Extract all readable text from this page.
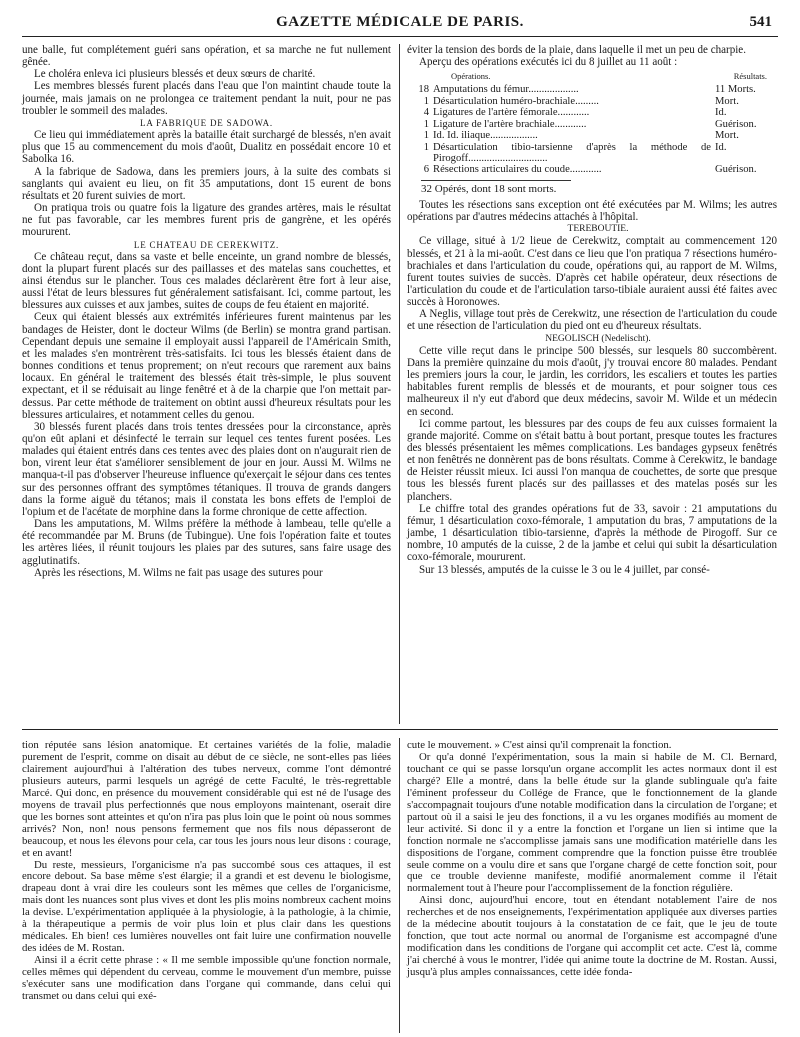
GAZETTE MÉDICALE DE PARIS.	541

une balle, fut complétement guéri sans opération, et sa marche ne fut nullement gênée.

Le choléra enleva ici plusieurs blessés et deux sœurs de charité.

Les membres blessés furent placés dans l'eau que l'on maintint chaude toute la journée, mais jamais on ne prolongea ce traitement pendant la nuit, pour ne pas troubler le sommeil des malades.

LA FABRIQUE DE SADOWA.

Ce lieu qui immédiatement après la bataille était surchargé de blessés, n'en avait plus que 15 au commencement du mois d'août, Dualitz en possédait encore 10 et Sabolka 16.

A la fabrique de Sadowa, dans les premiers jours, à la suite des combats si sanglants qui avaient eu lieu, on fit 35 amputations, dont 15 eurent de bons résultats et 20 furent suivies de mort.

On pratiqua trois ou quatre fois la ligature des grandes artères, mais le résultat ne fut pas favorable, car les membres furent pris de gangrène, et les opérés moururent.

LE CHATEAU DE CEREKWITZ.

Ce château reçut, dans sa vaste et belle enceinte, un grand nombre de blessés, dont la plupart furent placés sur des paillasses et des matelas sans couchettes, et ainsi étendus sur le plancher. Tous ces malades déclarèrent être fort à leur aise, aussi l'état de leurs blessures fut généralement satisfaisant. Ici, comme partout, les blessures aux cuisses et aux jambes, suites de coups de feu étaient en majorité.

Ceux qui étaient blessés aux extrémités inférieures furent maintenus par les bandages de Heister, dont le docteur Wilms (de Berlin) se montra grand partisan. Cependant depuis une semaine il employait aussi l'appareil de l'Américain Smith, et les malades s'en montrèrent très-satisfaits. Ici tous les blessés étaient dans de bonnes conditions et tenus proprement; on n'eut recours que rarement aux bains locaux. En général le traitement des blessés était très-simple, le plus souvent expectant, et il se réduisait au linge fenêtré et à de la charpie que l'on mettait par-dessus. Par cette méthode de traitement on obtint aussi d'heureux résultats pour les blessures articulaires, et notamment celles du genou.

30 blessés furent placés dans trois tentes dressées pour la circonstance, après qu'on eût aplani et désinfecté le terrain sur lequel ces tentes furent posées. Les malades qui étaient entrés dans ces tentes avec des plaies dont on n'augurait rien de bon, virent leur état s'améliorer sensiblement de jour en jour. Aussi M. Wilms ne manqua-t-il pas d'observer l'heureuse influence qu'exerçait le séjour dans ces tentes sur des personnes offrant des symptômes tétaniques. Il trouva de grands dangers dans la forme aiguë du tétanos; mais il constata les bons effets de l'emploi de l'opium et de l'acétate de morphine dans la forme chronique de cette affection.

Dans les amputations, M. Wilms préfère la méthode à lambeau, telle qu'elle a été recommandée par M. Bruns (de Tubingue). Une fois l'opération faite et toutes les artères liées, il réunit toujours les plaies par des sutures, sans faire usage des agglutinatifs.

Après les résections, M. Wilms ne fait pas usage des sutures pour

éviter la tension des bords de la plaie, dans laquelle il met un peu de charpie.

Aperçu des opérations exécutés ici du 8 juillet au 11 août :

Opérations.	Résultats.
18	Amputations du fémur...................	11 Morts.
1	Désarticulation huméro-brachiale.........	Mort.
4	Ligatures de l'artère fémorale............	Id.
1	Ligature de l'artère brachiale............	Guérison.
1	Id. Id. iliaque..................	Mort.
1	Désarticulation tibio-tarsienne d'après la méthode de Pirogoff..............................	Id.
6	Résections articulaires du coude............	Guérison.
32 Opérés, dont 18 sont morts.

Toutes les résections sans exception ont été exécutées par M. Wilms; les autres opérations par d'autres médecins attachés à l'hôpital.

TEREBOUTIE.

Ce village, situé à 1/2 lieue de Cerekwitz, comptait au commencement 120 blessés, et 21 à la mi-août. C'est dans ce lieu que l'on pratiqua 7 résections huméro-brachiales et dans l'articulation du coude, opérations qui, au rapport de M. Wilms, furent toutes suivies de succès. D'après cet habile opérateur, deux résections de l'articulation du coude et de l'articulation tarso-tibiale auraient aussi été faites avec succès à Horonowes.

A Neglis, village tout près de Cerekwitz, une résection de l'articulation du coude et une résection de l'articulation du pied ont eu d'heureux résultats.

NEGOLISCH (Nedelischt).

Cette ville reçut dans le principe 500 blessés, sur lesquels 80 succombèrent. Dans la première quinzaine du mois d'août, j'y trouvai encore 80 malades. Pendant les premiers jours la cour, le jardin, les corridors, les escaliers et toutes les parties habitables furent remplis de blessés et de mourants, et pour soigner tous ces malheureux il n'y eut d'abord que deux médecins, savoir M. Wilde et un médecin en second.

Ici comme partout, les blessures par des coups de feu aux cuisses formaient la grande majorité. Comme on s'était battu à bout portant, presque toutes les fractures des blessés présentaient les mêmes complications. Les bandages gypseux fenêtrés et non fenêtrés ne donnèrent pas de bons résultats. Comme à Cerekwitz, le bandage de Heister réussit mieux. Ici aussi l'on manqua de couchettes, de sorte que presque tous les blessés furent placés sur des paillasses et des matelas posés sur les planchers.

Le chiffre total des grandes opérations fut de 33, savoir : 21 amputations du fémur, 1 désarticulation coxo-fémorale, 1 amputation du bras, 7 amputations de la jambe, 1 désarticulation tibio-tarsienne, d'après la méthode de Pirogoff. Sur ce nombre, 10 amputés de la cuisse, 2 de la jambe et celui qui subit la désarticulation coxo-fémorale, moururent.

Sur 13 blessés, amputés de la cuisse le 3 ou le 4 juillet, par consé-

tion réputée sans lésion anatomique. Et certaines variétés de la folie, maladie purement de l'esprit, comme on disait au début de ce siècle, ne sont-elles pas liées clairement aujourd'hui à l'altération des tubes nerveux, comme l'ont démontré plusieurs auteurs, parmi lesquels un agrégé de cette Faculté, le très-regrettable Marcé. Qui donc, en présence du mouvement considérable qui est né de l'usage des moyens de travail plus perfectionnés que nous employons maintenant, oserait dire que les bornes sont atteintes et qu'on n'ira pas plus loin que le point où nous sommes arrivés? Non, non! nous pensons fermement que nos fils nous dépasseront de beaucoup, et nous les élevons pour cela, car tous les jours nous leur disons : courage, et en avant!

Du reste, messieurs, l'organicisme n'a pas succombé sous ces attaques, il est encore debout. Sa base même s'est élargie; il a grandi et est devenu le biologisme, drapeau dont à vrai dire les couleurs sont les mêmes que celles de l'organicisme, mais dont les nuances sont plus vives et dont les plis moins nombreux cachent moins la devise. L'expérimentation appliquée à la physiologie, à la pathologie, à la chimie, à la thérapeutique a permis de voir plus loin et plus clair dans les questions médicales. Eh bien! ces lumières nouvelles ont fait luire une confirmation nouvelle des idées de M. Rostan.

Ainsi il a écrit cette phrase : « Il me semble impossible qu'une fonction normale, celles mêmes qui dépendent du cerveau, comme le mouvement d'un membre, puisse s'exécuter sans une modification dans l'organe qui commande, dans celui qui transmet ou dans celui qui exé-

cute le mouvement. » C'est ainsi qu'il comprenait la fonction.

Or qu'a donné l'expérimentation, sous la main si habile de M. Cl. Bernard, touchant ce qui se passe lorsqu'un organe accomplit les actes normaux dont il est chargé? Elle a montré, dans la belle étude sur la glande sublinguale qu'a faite l'éminent professeur du Collége de France, que le fonctionnement de la glande s'accompagnait toujours d'une notable modification dans la circulation de l'organe; et partout où il a saisi le jeu des fonctions, il a vu les organes modifiés au moment de leur activité. Si donc il y a entre la fonction et l'organe un lien si intime que la fonction normale ne s'accomplisse jamais sans une modification matérielle dans les dispositions de l'organe, comment comprendre que la fonction puisse être troublée seule comme on a voulu dire et sans que l'organe chargé de cette fonction soit, pour que ce trouble devienne manifeste, modifié anormalement comme il l'était normalement tout à l'heure pour l'accomplissement de la fonction régulière.

Ainsi donc, aujourd'hui encore, tout en étendant notablement l'aire de nos recherches et de nos enseignements, l'expérimentation appliquée aux diverses parties de la médecine aboutit toujours à la constatation de ce fait, que le jeu de toute fonction, que tout acte normal ou anormal de l'organisme est accompagné d'une modification dans les conditions de l'organe qui accomplit cet acte. C'est là, comme j'ai cherché à vous le montrer, l'idée qui anime toute la doctrine de M. Rostan. Aussi, jusqu'à plus amples connaissances, cette idée fonda-
